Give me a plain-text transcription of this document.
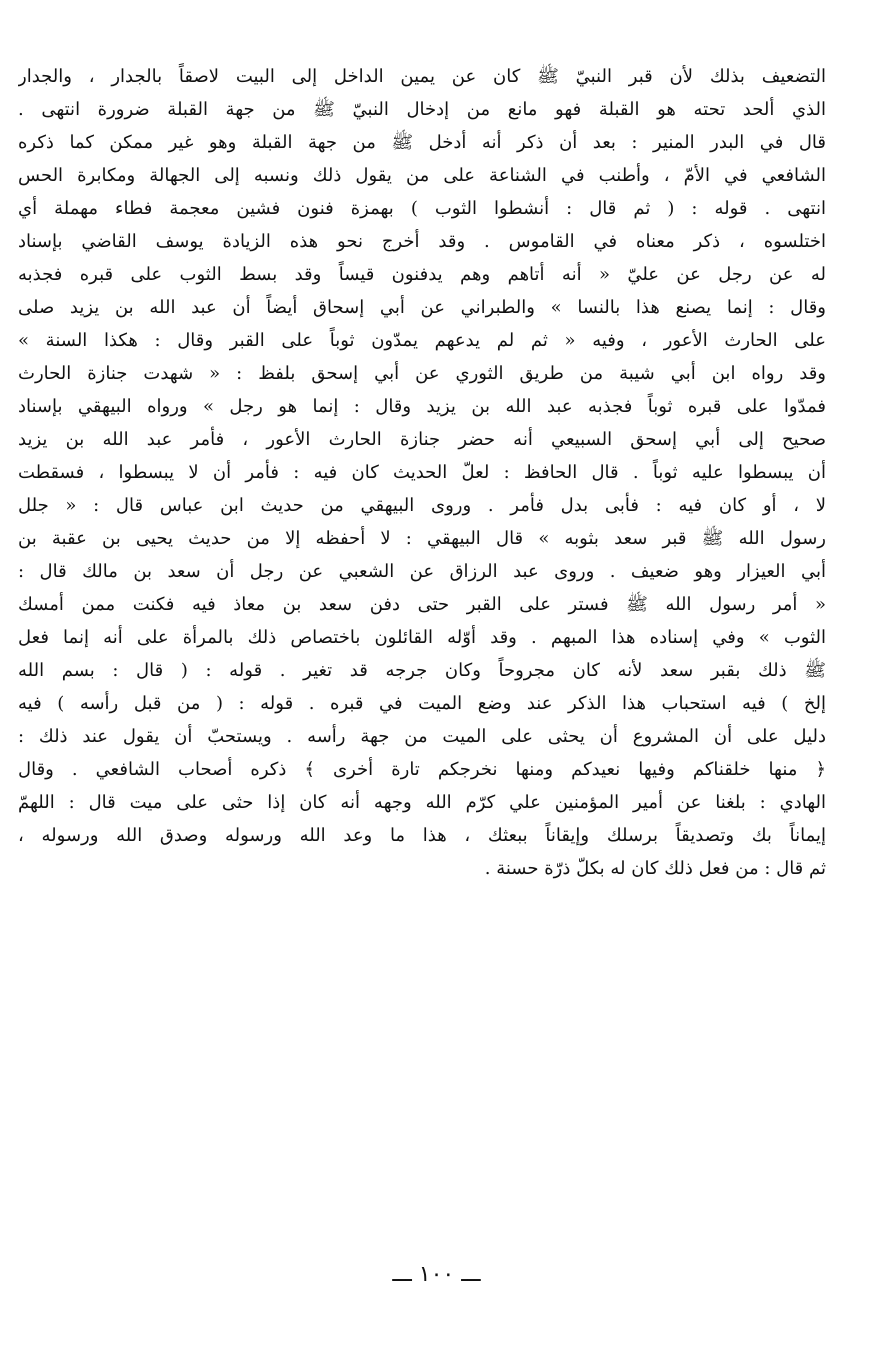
التضعيف بذلك لأن قبر النبيّ ﷺ كان عن يمين الداخل إلى البيت لاصقاً بالجدار ، والجدار
الذي ألحد تحته هو القبلة فهو مانع من إدخال النبيّ ﷺ من جهة القبلة ضرورة انتهى .
قال في البدر المنير : بعد أن ذكر أنه أدخل ﷺ من جهة القبلة وهو غير ممكن كما ذكره
الشافعي في الأمّ ، وأطنب في الشناعة على من يقول ذلك ونسبه إلى الجهالة ومكابرة الحس
انتهى . قوله : ( ثم قال : أنشطوا الثوب ) بهمزة فنون فشين معجمة فطاء مهملة أي
اختلسوه ، ذكر معناه في القاموس . وقد أخرج نحو هذه الزيادة يوسف القاضي بإسناد
له عن رجل عن عليّ « أنه أتاهم وهم يدفنون قيساً وقد بسط الثوب على قبره فجذبه
وقال : إنما يصنع هذا بالنسا » والطبراني عن أبي إسحاق أيضاً أن عبد الله بن يزيد صلى
على الحارث الأعور ، وفيه « ثم لم يدعهم يمدّون ثوباً على القبر وقال : هكذا السنة »
وقد رواه ابن أبي شيبة من طريق الثوري عن أبي إسحق بلفظ : « شهدت جنازة الحارث
فمدّوا على قبره ثوباً فجذبه عبد الله بن يزيد وقال : إنما هو رجل » ورواه البيهقي بإسناد
صحيح إلى أبي إسحق السبيعي أنه حضر جنازة الحارث الأعور ، فأمر عبد الله بن يزيد
أن يبسطوا عليه ثوباً . قال الحافظ : لعلّ الحديث كان فيه : فأمر أن لا يبسطوا ، فسقطت
لا ، أو كان فيه : فأبى بدل فأمر . وروى البيهقي من حديث ابن عباس قال : « جلل
رسول الله ﷺ قبر سعد بثوبه » قال البيهقي : لا أحفظه إلا من حديث يحيى بن عقبة بن
أبي العيزار وهو ضعيف . وروى عبد الرزاق عن الشعبي عن رجل أن سعد بن مالك قال :
« أمر رسول الله ﷺ فستر على القبر حتى دفن سعد بن معاذ فيه فكنت ممن أمسك
الثوب » وفي إسناده هذا المبهم . وقد أوّله القائلون باختصاص ذلك بالمرأة على أنه إنما فعل
ﷺ ذلك بقبر سعد لأنه كان مجروحاً وكان جرجه قد تغير . قوله : ( قال : بسم الله
إلخ ) فيه استحباب هذا الذكر عند وضع الميت في قبره . قوله : ( من قبل رأسه ) فيه
دليل على أن المشروع أن يحثى على الميت من جهة رأسه . ويستحبّ أن يقول عند ذلك :
﴿ منها خلقناكم وفيها نعيدكم ومنها نخرجكم تارة أخرى ﴾ ذكره أصحاب الشافعي . وقال
الهادي : بلغنا عن أمير المؤمنين علي كرّم الله وجهه أنه كان إذا حثى على ميت قال : اللهمّ
إيماناً بك وتصديقاً برسلك وإيقاناً ببعثك ، هذا ما وعد الله ورسوله وصدق الله ورسوله ،
ثم قال : من فعل ذلك كان له بكلّ ذرّة حسنة .
ـــ ١٠٠ ـــ
